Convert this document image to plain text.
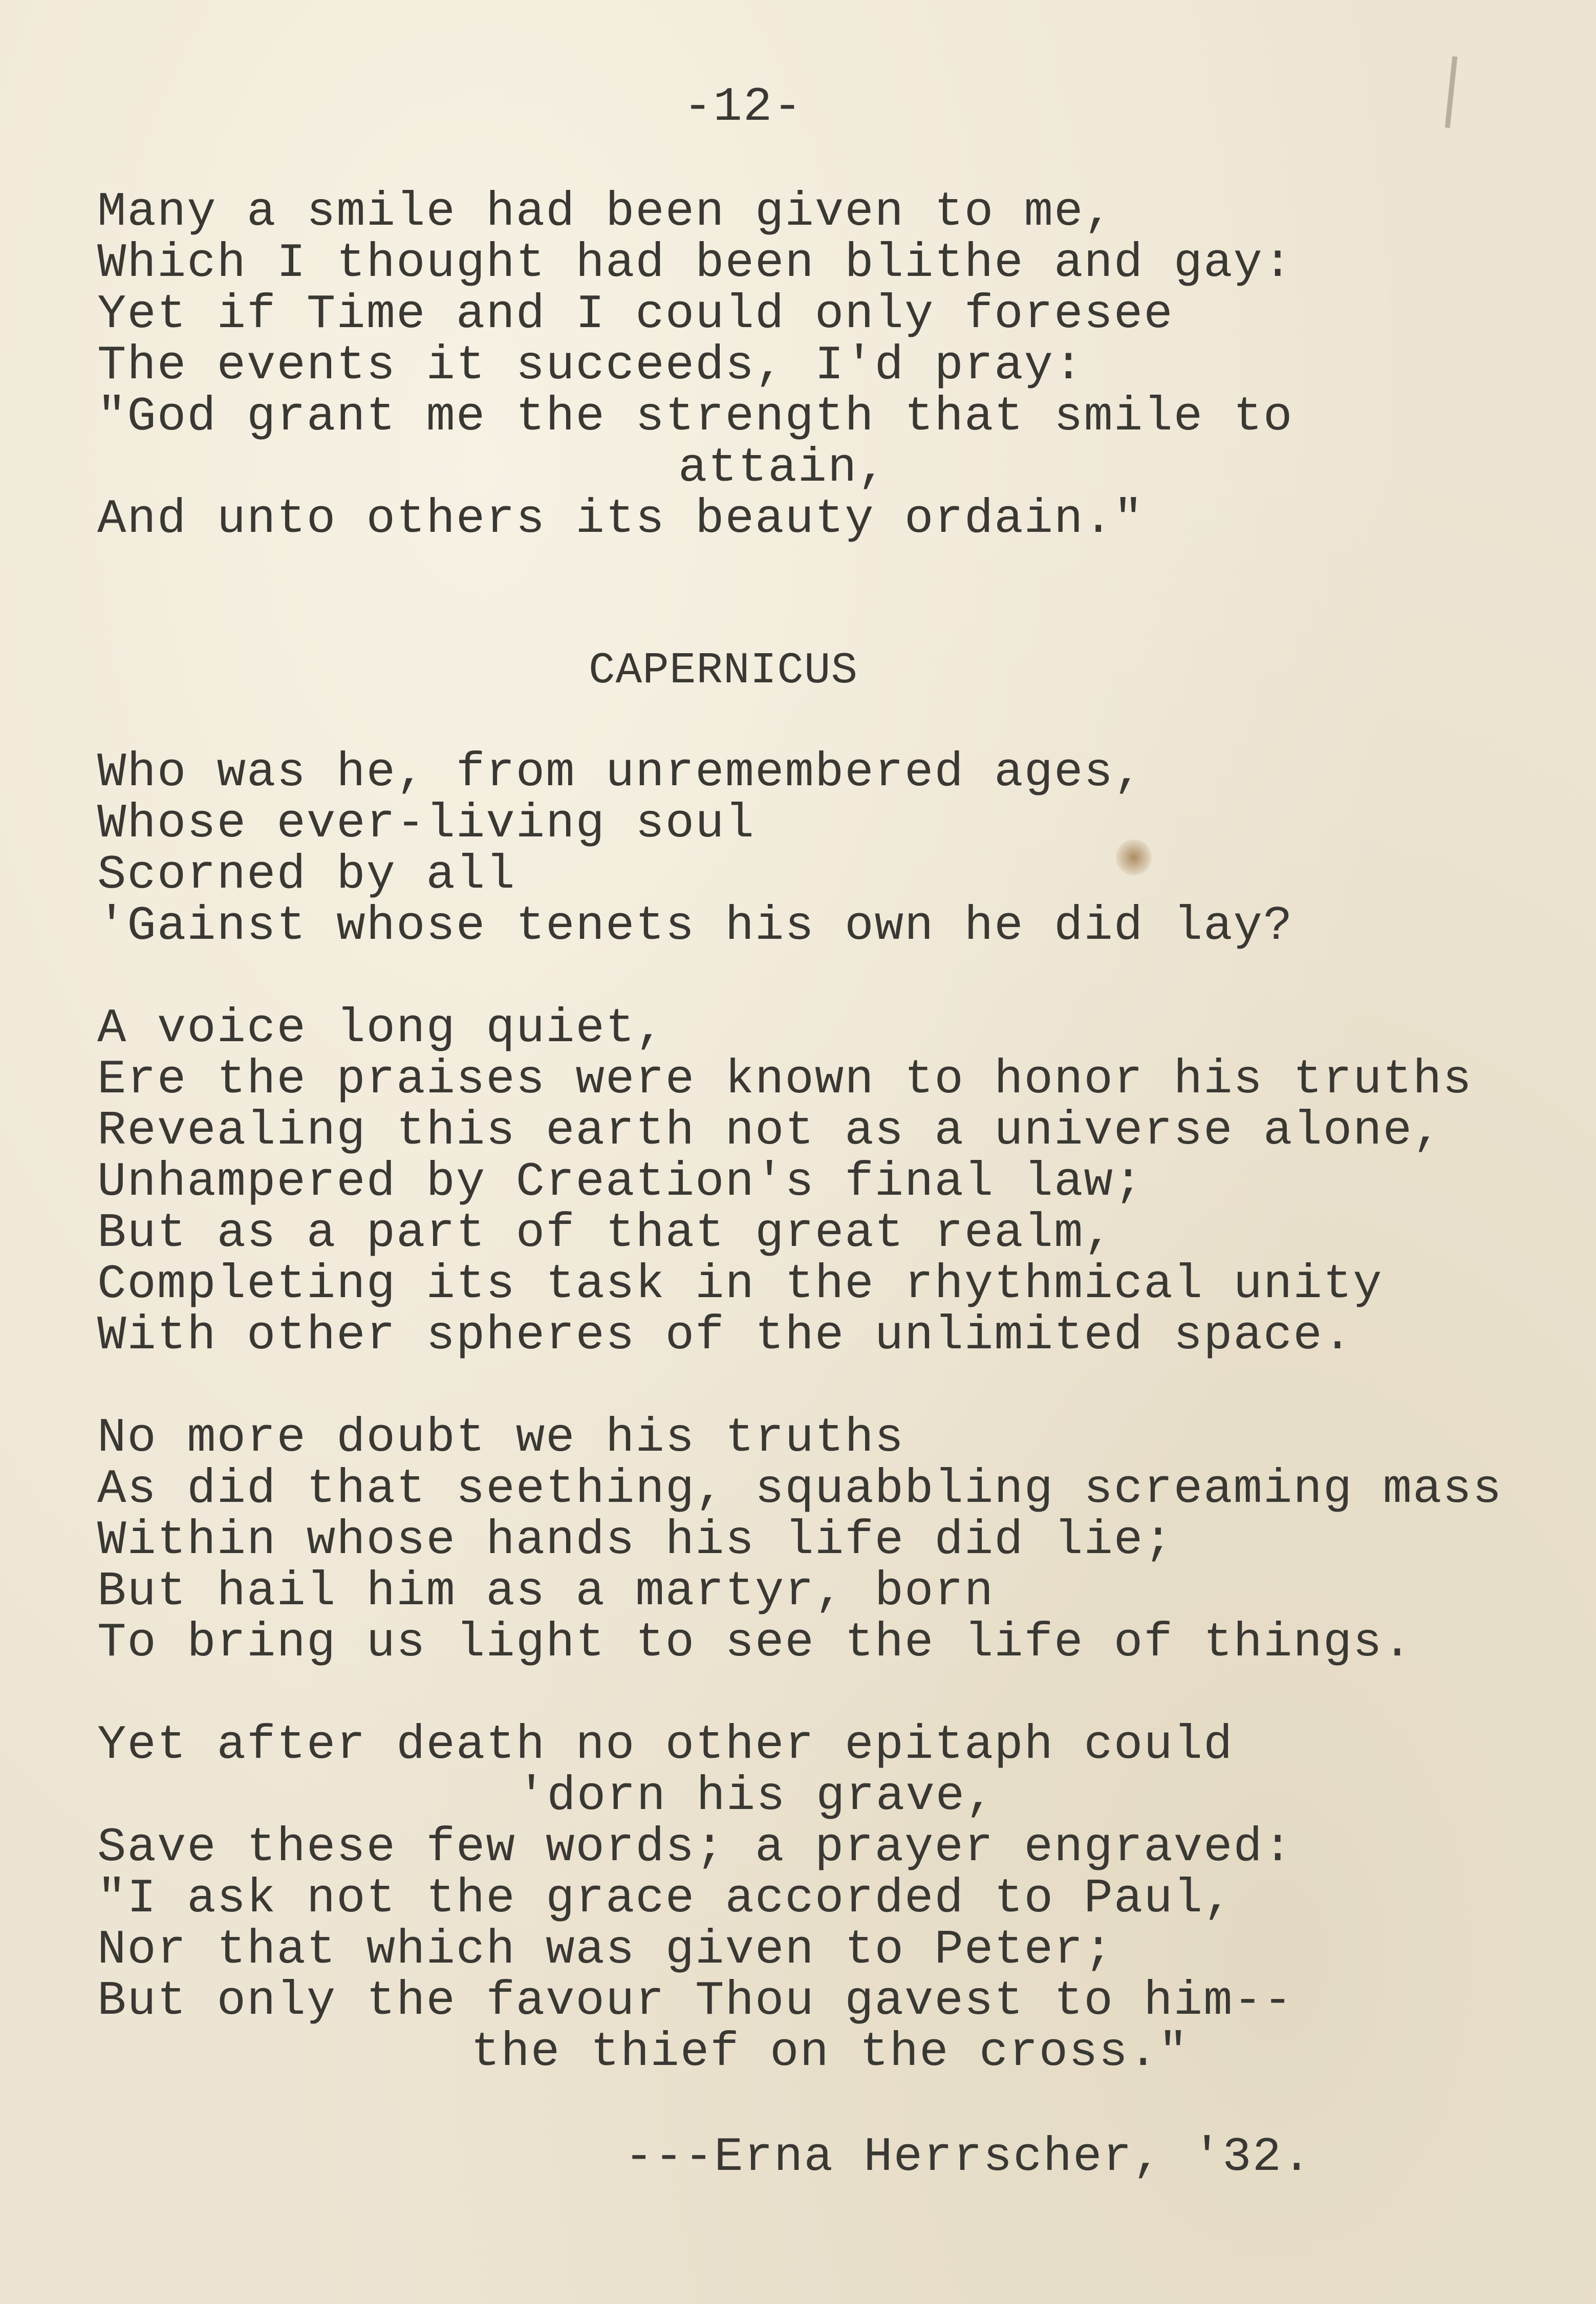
-12-
Many a smile had been given to me,
Which I thought had been blithe and gay:
Yet if Time and I could only foresee
The events it succeeds, I'd pray:
"God grant me the strength that smile to
attain,
And unto others its beauty ordain."
CAPERNICUS
Who was he, from unremembered ages,
Whose ever-living soul
Scorned by all
'Gainst whose tenets his own he did lay?
A voice long quiet,
Ere the praises were known to honor his truths
Revealing this earth not as a universe alone,
Unhampered by Creation's final law;
But as a part of that great realm,
Completing its task in the rhythmical unity
With other spheres of the unlimited space.
No more doubt we his truths
As did that seething, squabbling screaming mass
Within whose hands his life did lie;
But hail him as a martyr, born
To bring us light to see the life of things.
Yet after death no other epitaph could
'dorn his grave,
Save these few words; a prayer engraved:
"I ask not the grace accorded to Paul,
Nor that which was given to Peter;
But only the favour Thou gavest to him--
the thief on the cross."
---Erna Herrscher, '32.
